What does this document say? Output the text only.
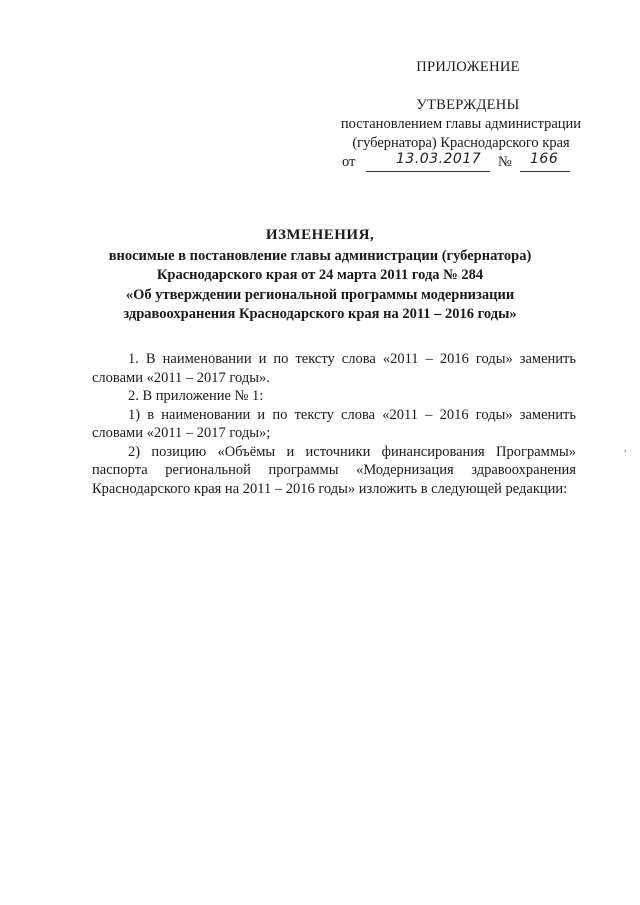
ПРИЛОЖЕНИЕ
УТВЕРЖДЕНЫ
постановлением главы администрации
(губернатора) Краснодарского края
от	13.03.2017 № 166
ИЗМЕНЕНИЯ,
вносимые в постановление главы администрации (губернатора)
Краснодарского края от 24 марта 2011 года № 284
«Об утверждении региональной программы модернизации
здравоохранения Краснодарского края на 2011 – 2016 годы»

1. В наименовании и по тексту слова «2011 – 2016 годы» заменить словами «2011 – 2017 годы».

2. В приложение № 1:

1) в наименовании и по тексту слова «2011 – 2016 годы» заменить словами «2011 – 2017 годы»;

2) позицию «Объёмы и источники финансирования Программы» паспорта региональной программы «Модернизация здравоохранения Краснодарского края на 2011 – 2016 годы» изложить в следующей редакции:

,
